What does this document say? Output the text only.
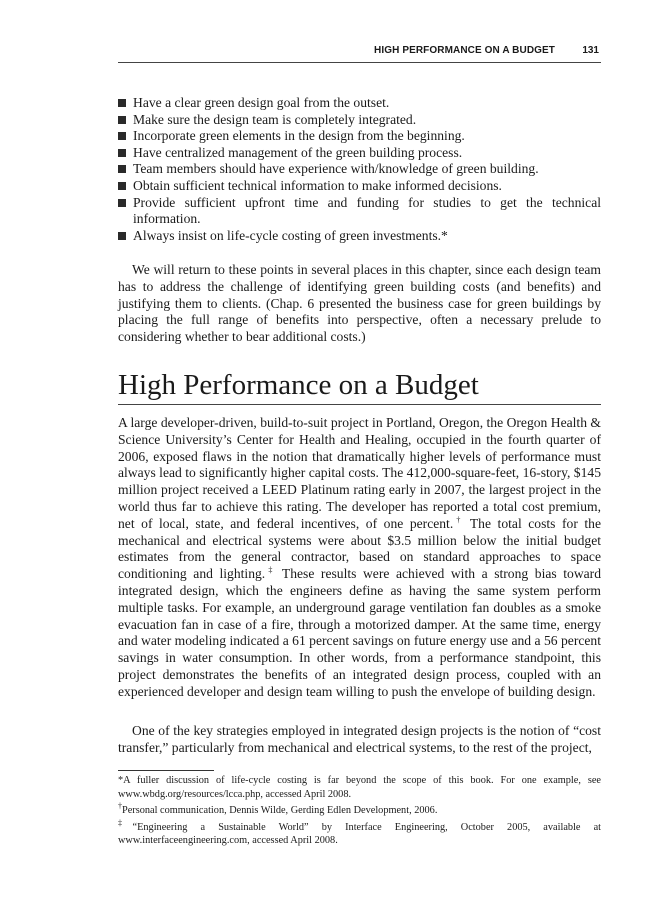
HIGH PERFORMANCE ON A BUDGET	131
Have a clear green design goal from the outset.
Make sure the design team is completely integrated.
Incorporate green elements in the design from the beginning.
Have centralized management of the green building process.
Team members should have experience with/knowledge of green building.
Obtain sufficient technical information to make informed decisions.
Provide sufficient upfront time and funding for studies to get the technical information.
Always insist on life-cycle costing of green investments.*

We will return to these points in several places in this chapter, since each design team has to address the challenge of identifying green building costs (and benefits) and justifying them to clients. (Chap. 6 presented the business case for green buildings by placing the full range of benefits into perspective, often a necessary prelude to considering whether to bear additional costs.)

High Performance on a Budget

A large developer-driven, build-to-suit project in Portland, Oregon, the Oregon Health & Science University’s Center for Health and Healing, occupied in the fourth quarter of 2006, exposed flaws in the notion that dramatically higher levels of performance must always lead to significantly higher capital costs. The 412,000-square-feet, 16-story, $145 million project received a LEED Platinum rating early in 2007, the largest project in the world thus far to achieve this rating. The developer has reported a total cost premium, net of local, state, and federal incentives, of one percent.† The total costs for the mechanical and electrical systems were about $3.5 million below the initial budget estimates from the general contractor, based on standard approaches to space conditioning and lighting.‡ These results were achieved with a strong bias toward integrated design, which the engineers define as having the same system perform multiple tasks. For example, an underground garage ventilation fan doubles as a smoke evacuation fan in case of a fire, through a motorized damper. At the same time, energy and water modeling indicated a 61 percent savings on future energy use and a 56 percent savings in water consumption. In other words, from a performance standpoint, this project demonstrates the benefits of an integrated design process, coupled with an experienced developer and design team willing to push the envelope of building design.

One of the key strategies employed in integrated design projects is the notion of “cost transfer,” particularly from mechanical and electrical systems, to the rest of the project,

*A fuller discussion of life-cycle costing is far beyond the scope of this book. For one example, see www.wbdg.org/resources/lcca.php, accessed April 2008.

†Personal communication, Dennis Wilde, Gerding Edlen Development, 2006.

‡“Engineering a Sustainable World” by Interface Engineering, October 2005, available at www.interfaceengineering.com, accessed April 2008.
